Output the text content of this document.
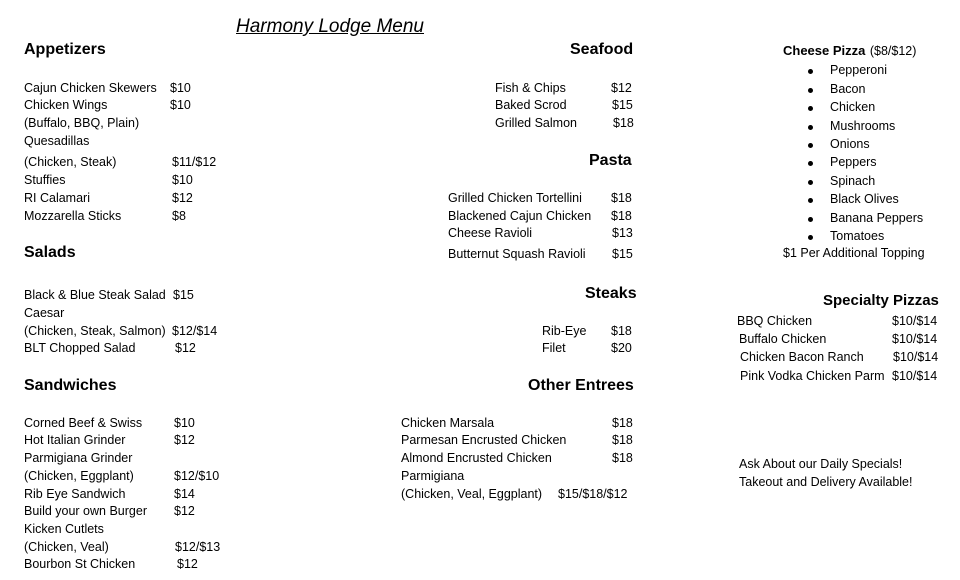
Harmony Lodge Menu
Appetizers
Cajun Chicken Skewers $10
Chicken Wings	$10
(Buffalo, BBQ, Plain)
Quesadillas
(Chicken, Steak)	$11/$12
Stuffies	$10
RI Calamari	$12
Mozzarella Sticks	$8
Salads
Black & Blue Steak Salad $15
Caesar
(Chicken, Steak, Salmon) $12/$14
BLT Chopped Salad	$12
Sandwiches
Corned Beef & Swiss	$10
Hot Italian Grinder	$12
Parmigiana Grinder
(Chicken, Eggplant)	$12/$10
Rib Eye Sandwich	$14
Build your own Burger $12
Kicken Cutlets
(Chicken, Veal)	$12/$13
Bourbon St Chicken	$12
Seafood
Fish & Chips	$12
Baked Scrod	$15
Grilled Salmon	$18
Pasta
Grilled Chicken Tortellini $18
Blackened Cajun Chicken $18
Cheese Ravioli	$13
Butternut Squash Ravioli $15
Steaks
Rib-Eye $18
Filet	$20
Other Entrees
Chicken Marsala	$18
Parmesan Encrusted Chicken	$18
Almond Encrusted Chicken	$18
Parmigiana
(Chicken, Veal, Eggplant) $15/$18/$12
Cheese Pizza ($8/$12)
Pepperoni
Bacon
Chicken
Mushrooms
Onions
Peppers
Spinach
Black Olives
Banana Peppers
Tomatoes
$1 Per Additional Topping
Specialty Pizzas
BBQ Chicken	$10/$14
Buffalo Chicken	$10/$14
Chicken Bacon Ranch $10/$14
Pink Vodka Chicken Parm $10/$14
Ask About our Daily Specials!
Takeout and Delivery Available!
